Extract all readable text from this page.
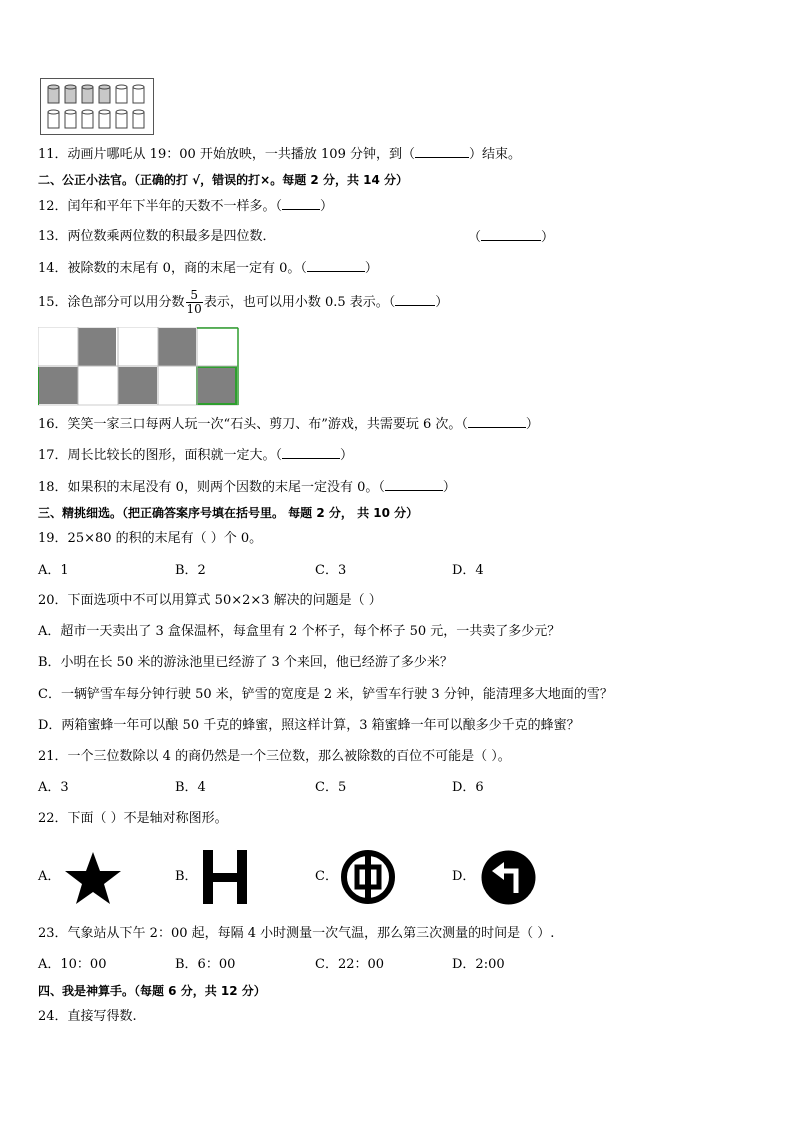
11．动画片哪吒从 19：00 开始放映，一共播放 109 分钟，到（	）结束。
二、公正小法官。（正确的打 √，错误的打×。每题 2 分，共 14 分）
12．闰年和平年下半年的天数不一样多。（	）
13．两位数乘两位数的积最多是四位数．	（	）
14．被除数的末尾有 0，商的末尾一定有 0。（	）
15．涂色部分可以用分数 $\frac{5}{10}$ 表示，也可以用小数 0.5 表示。（	）
16．笑笑一家三口每两人玩一次“石头、剪刀、布”游戏，共需要玩 6 次。（	）
17．周长比较长的图形，面积就一定大。（	）
18．如果积的末尾没有 0，则两个因数的末尾一定没有 0。（	）
三、精挑细选。（把正确答案序号填在括号里。 每题 2 分， 共 10 分）
19．25×80 的积的末尾有（ ）个 0。
A．1	B．2	C．3	D．4
20．下面选项中不可以用算式 50×2×3 解决的问题是（ ）
A．超市一天卖出了 3 盒保温杯，每盒里有 2 个杯子，每个杯子 50 元，一共卖了多少元？
B．小明在长 50 米的游泳池里已经游了 3 个来回，他已经游了多少米？
C．一辆铲雪车每分钟行驶 50 米，铲雪的宽度是 2 米，铲雪车行驶 3 分钟，能清理多大地面的雪？
D．两箱蜜蜂一年可以酿 50 千克的蜂蜜，照这样计算，3 箱蜜蜂一年可以酿多少千克的蜂蜜？
21．一个三位数除以 4 的商仍然是一个三位数，那么被除数的百位不可能是（ ）。
A．3	B．4	C．5	D．6
22．下面（ ）不是轴对称图形。
A．	B．	C．	D．
23．气象站从下午 2：00 起，每隔 4 小时测量一次气温，那么第三次测量的时间是（ ）.
A．10：00	B．6：00	C．22：00	D．2:00
四、我是神算手。（每题 6 分，共 12 分）
24．直接写得数.
